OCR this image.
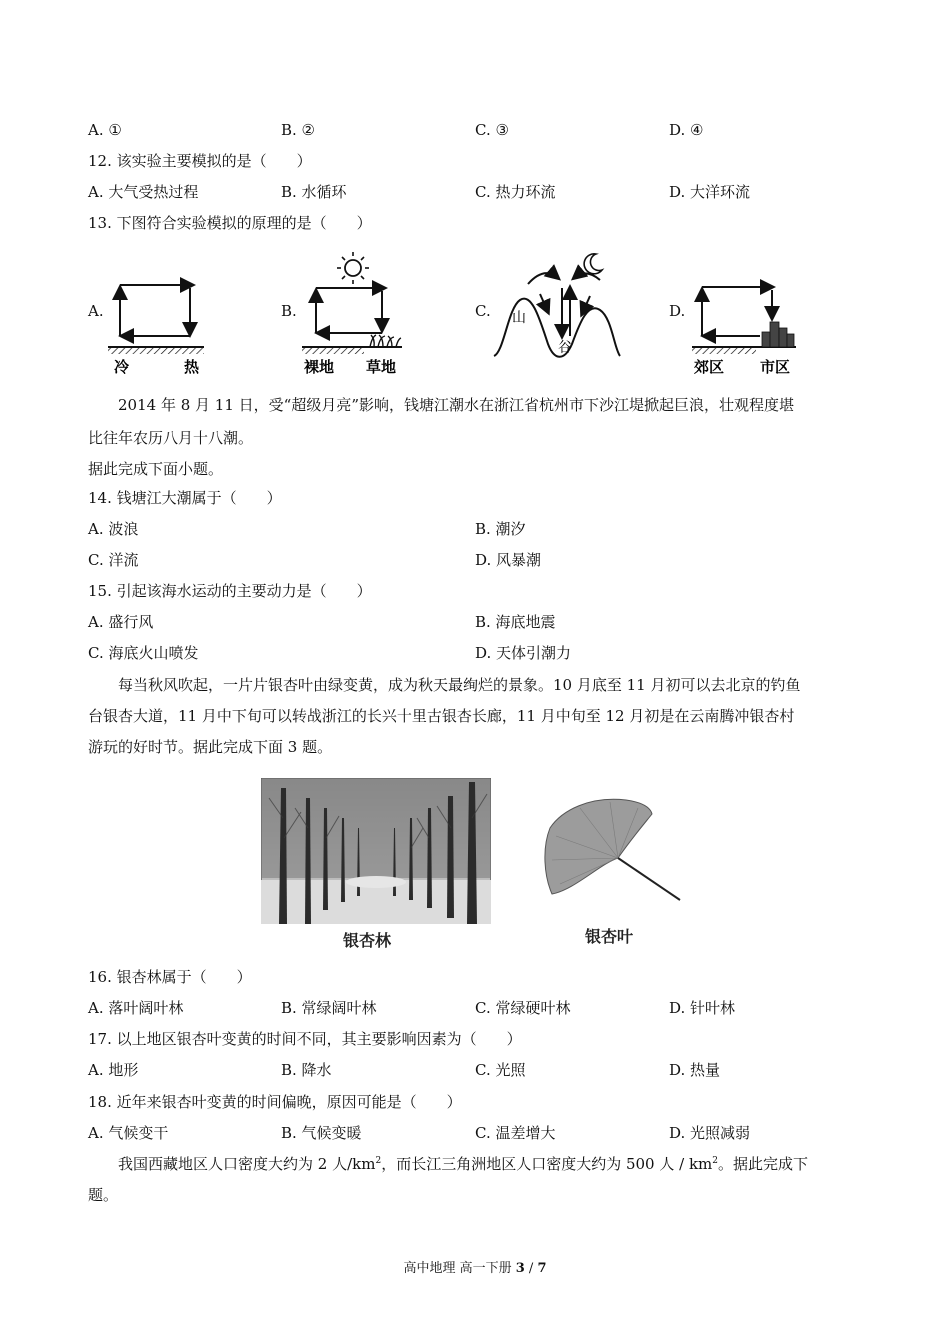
A. ①	B. ②	C. ③	D. ④
12. 该实验主要模拟的是（　　）
A. 大气受热过程	B. 水循环	C. 热力环流	D. 大洋环流
13. 下图符合实验模拟的原理的是（　　）
A.
冷	热
B.
裸地 草地
C. 山
谷
D.
郊区 市区
2014 年 8 月 11 日，受“超级月亮”影响，钱塘江潮水在浙江省杭州市下沙江堤掀起巨浪，壮观程度堪

比往年农历八月十八潮。
据此完成下面小题。
14. 钱塘江大潮属于（　　）
A. 波浪	B. 潮汐
C. 洋流	D. 风暴潮
15. 引起该海水运动的主要动力是（　　）
A. 盛行风	B. 海底地震
C. 海底火山喷发	D. 天体引潮力
每当秋风吹起，一片片银杏叶由绿变黄，成为秋天最绚烂的景象。10 月底至 11 月初可以去北京的钓鱼
台银杏大道，11 月中下旬可以转战浙江的长兴十里古银杏长廊，11 月中旬至 12 月初是在云南腾冲银杏村
游玩的好时节。据此完成下面 3 题。
银杏林	银杏叶
16. 银杏林属于（　　）
A. 落叶阔叶林	B. 常绿阔叶林	C. 常绿硬叶林	D. 针叶林
17. 以上地区银杏叶变黄的时间不同，其主要影响因素为（　　）
A. 地形	B. 降水	C. 光照	D. 热量
18. 近年来银杏叶变黄的时间偏晚，原因可能是（　　）
A. 气候变干	B. 气候变暖	C. 温差增大	D. 光照减弱
我国西藏地区人口密度大约为 2 人$/km^2$，而长江三角洲地区人口密度大约为 500 人 / $km^2$。据此完成下
题。
高中地理 高一下册 3 / 7
